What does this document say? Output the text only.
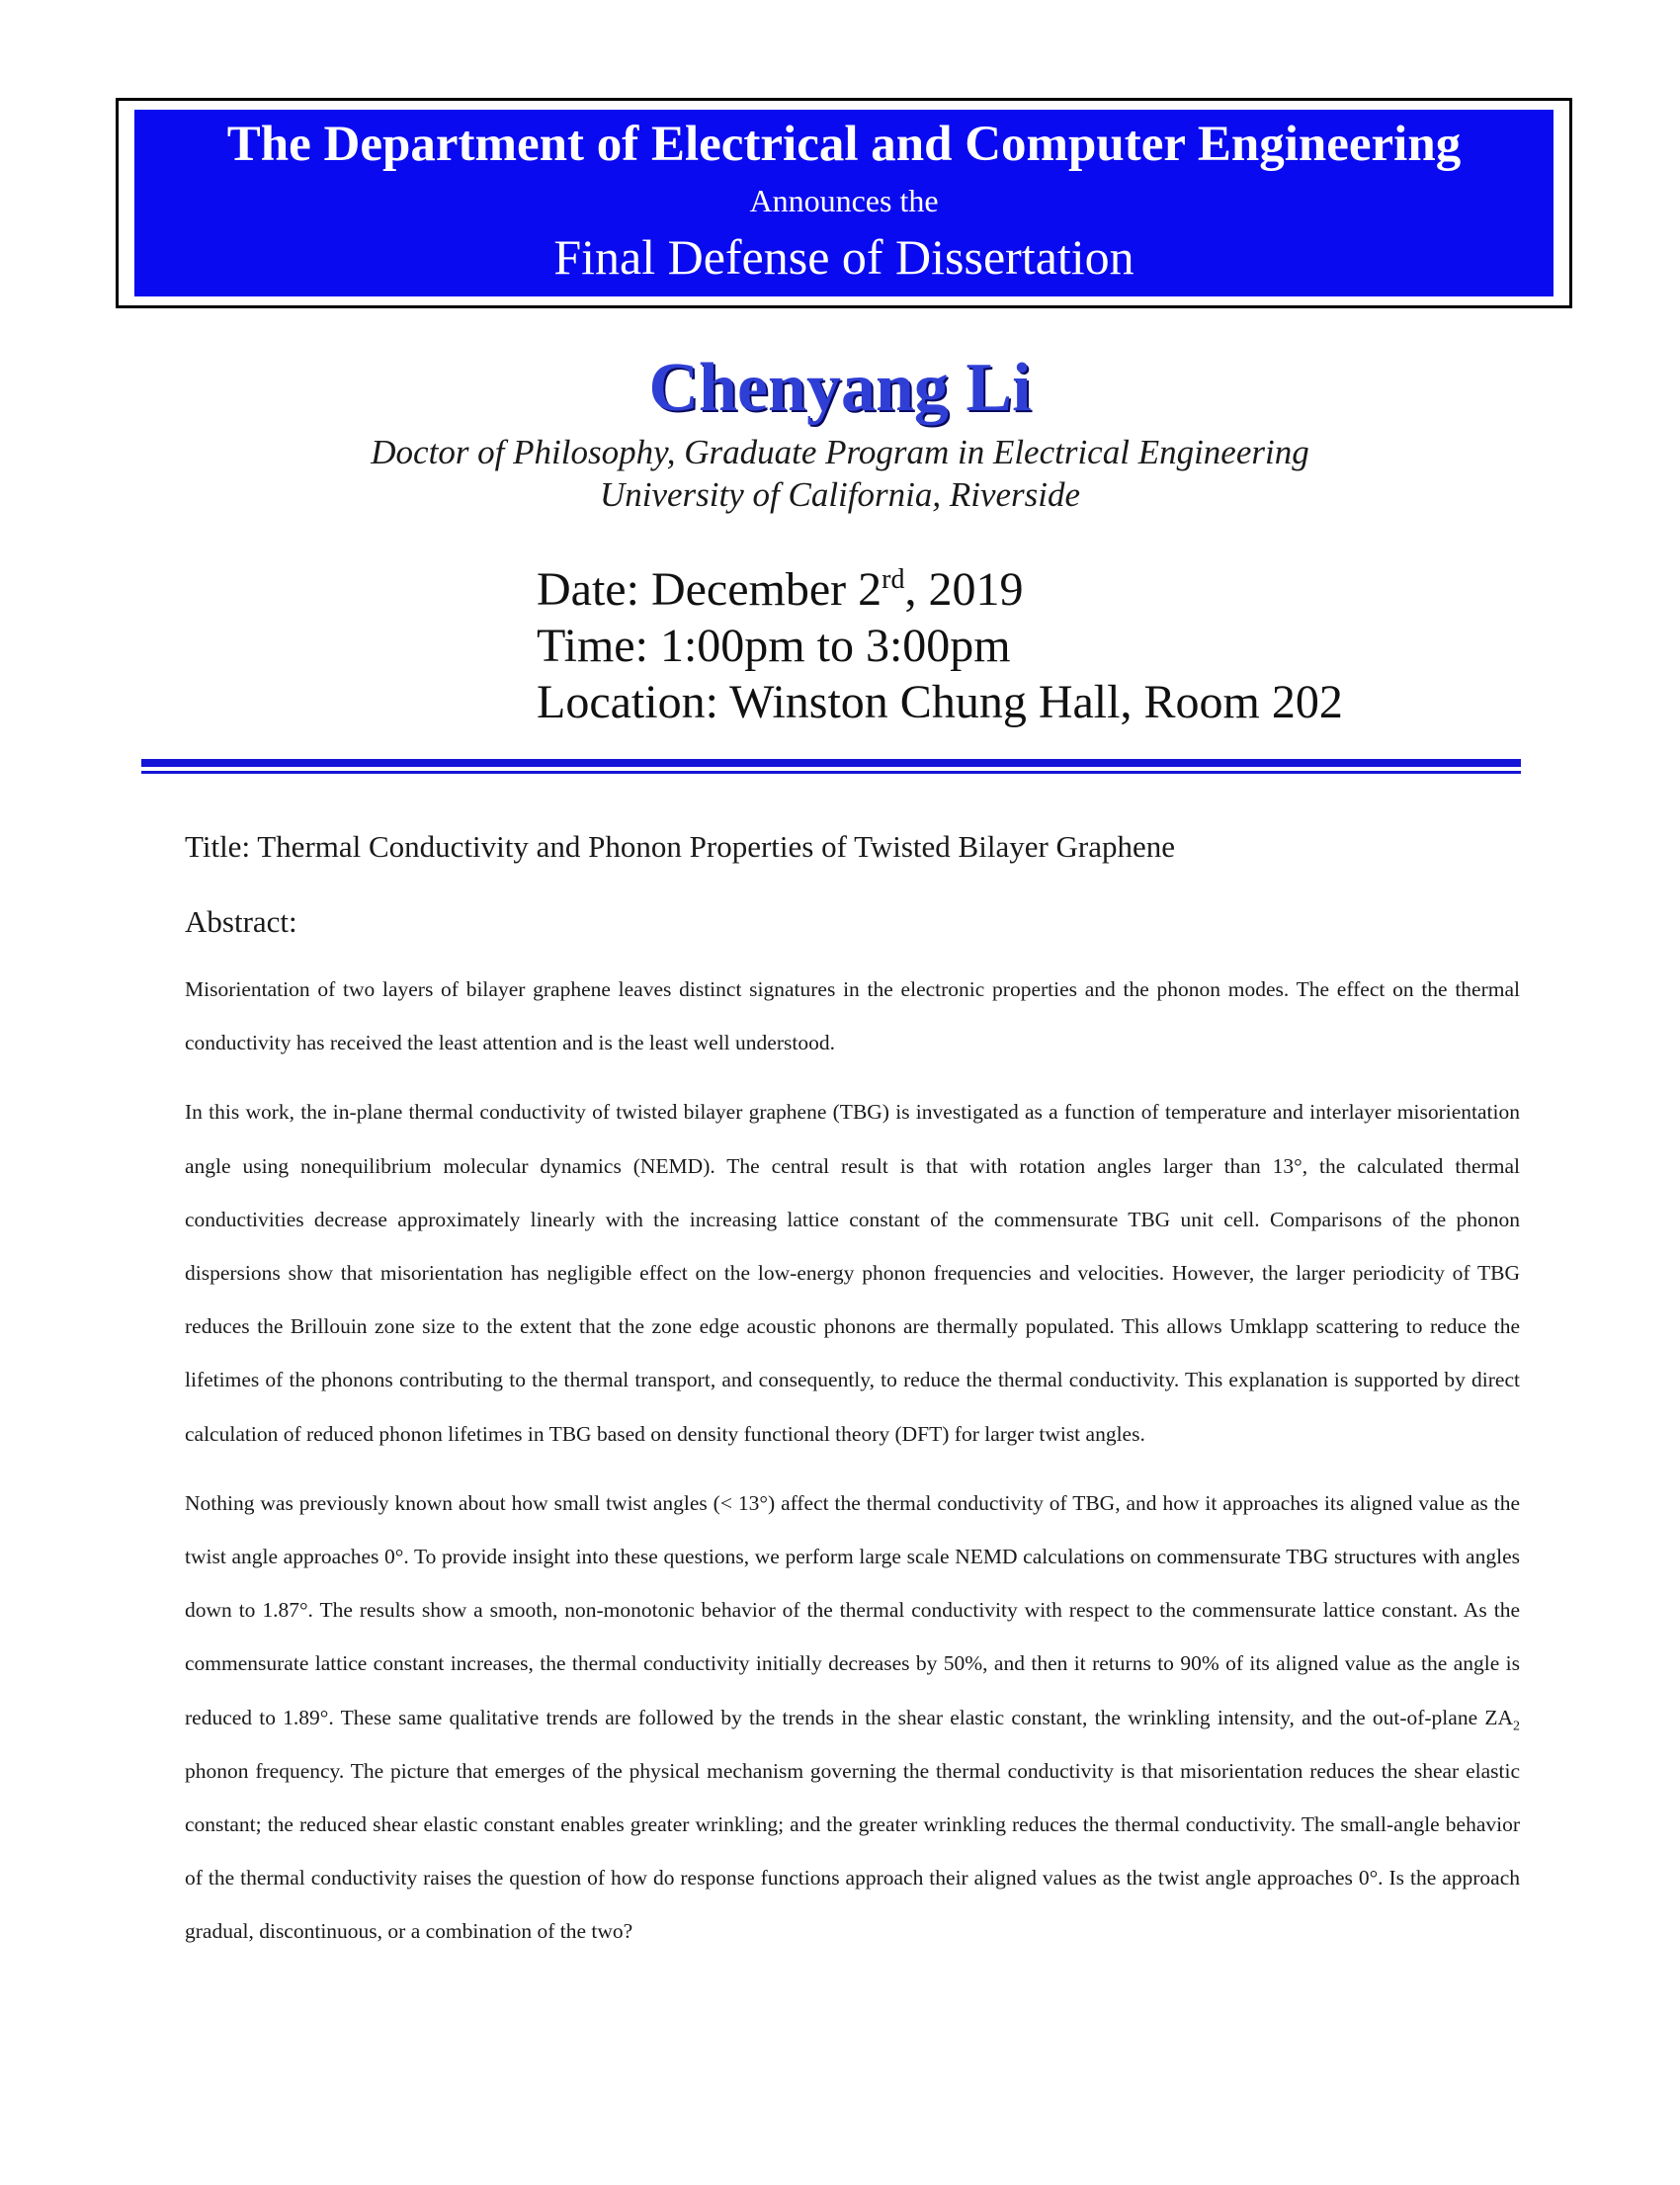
The Department of Electrical and Computer Engineering
Announces the
Final Defense of Dissertation
Chenyang Li
Doctor of Philosophy, Graduate Program in Electrical Engineering
University of California, Riverside
Date: December 2rd, 2019
Time: 1:00pm to 3:00pm
Location: Winston Chung Hall, Room 202
Title: Thermal Conductivity and Phonon Properties of Twisted Bilayer Graphene
Abstract:

Misorientation of two layers of bilayer graphene leaves distinct signatures in the electronic properties and the phonon modes. The effect on the thermal conductivity has received the least attention and is the least well understood.

In this work, the in-plane thermal conductivity of twisted bilayer graphene (TBG) is investigated as a function of temperature and interlayer misorientation angle using nonequilibrium molecular dynamics (NEMD). The central result is that with rotation angles larger than 13°, the calculated thermal conductivities decrease approximately linearly with the increasing lattice constant of the commensurate TBG unit cell. Comparisons of the phonon dispersions show that misorientation has negligible effect on the low-energy phonon frequencies and velocities. However, the larger periodicity of TBG reduces the Brillouin zone size to the extent that the zone edge acoustic phonons are thermally populated. This allows Umklapp scattering to reduce the lifetimes of the phonons contributing to the thermal transport, and consequently, to reduce the thermal conductivity. This explanation is supported by direct calculation of reduced phonon lifetimes in TBG based on density functional theory (DFT) for larger twist angles.

Nothing was previously known about how small twist angles (< 13°) affect the thermal conductivity of TBG, and how it approaches its aligned value as the twist angle approaches 0°. To provide insight into these questions, we perform large scale NEMD calculations on commensurate TBG structures with angles down to 1.87°. The results show a smooth, non-monotonic behavior of the thermal conductivity with respect to the commensurate lattice constant. As the commensurate lattice constant increases, the thermal conductivity initially decreases by 50%, and then it returns to 90% of its aligned value as the angle is reduced to 1.89°. These same qualitative trends are followed by the trends in the shear elastic constant, the wrinkling intensity, and the out-of-plane $ZA_2$ phonon frequency. The picture that emerges of the physical mechanism governing the thermal conductivity is that misorientation reduces the shear elastic constant; the reduced shear elastic constant enables greater wrinkling; and the greater wrinkling reduces the thermal conductivity. The small-angle behavior of the thermal conductivity raises the question of how do response functions approach their aligned values as the twist angle approaches 0°. Is the approach gradual, discontinuous, or a combination of the two?
